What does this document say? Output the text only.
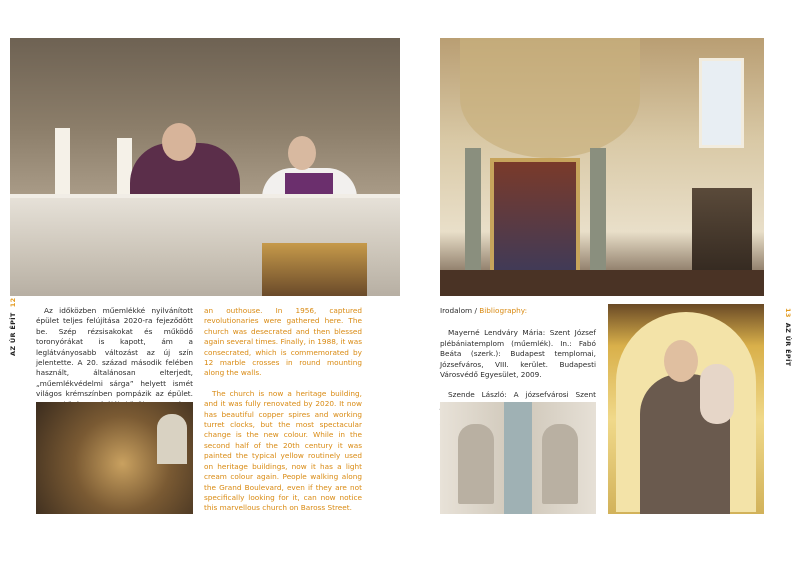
AZ ÚR ÉPÍT  12

Az időközben műemlékké nyilvánított épület teljes felújítása 2020-ra fejeződött be. Szép rézsisakokat és működő toronyórákat is kapott, ám a leglátványosabb változást az új szín jelentette. A 20. század második felében használt, általánosan elterjedt, „műemlékvédelmi sárga” helyett ismét világos krémszínben pompázik az épület.

an outhouse. In 1956, captured revolutionaries were gathered here. The church was desecrated and then blessed again several times. Finally, in 1988, it was consecrated, which is commemorated by 12 marble crosses in round mounting along the walls.

The church is now a heritage building, and it was fully renovated by 2020. It now has beautiful copper spires and working turret clocks, but the most spectacular change is the new colour. While in the second half of the 20th century it was painted the typical yellow routinely used on heritage buildings, now it has a light cream colour again. People walking along the Grand Boulevard, even if they are not specifically looking for it, can now notice this marvellous church on Baross Street.

13  AZ ÚR ÉPÍT

Irodalom / Bibliography:

Mayerné Lendváry Mária: Szent József plébániatemplom (műemlék). In.: Fabó Beáta (szerk.): Budapest templomai, Józsefváros, VIII. kerület. Budapesti Városvédő Egyesület, 2009.

Szende László: A józsefvárosi Szent
